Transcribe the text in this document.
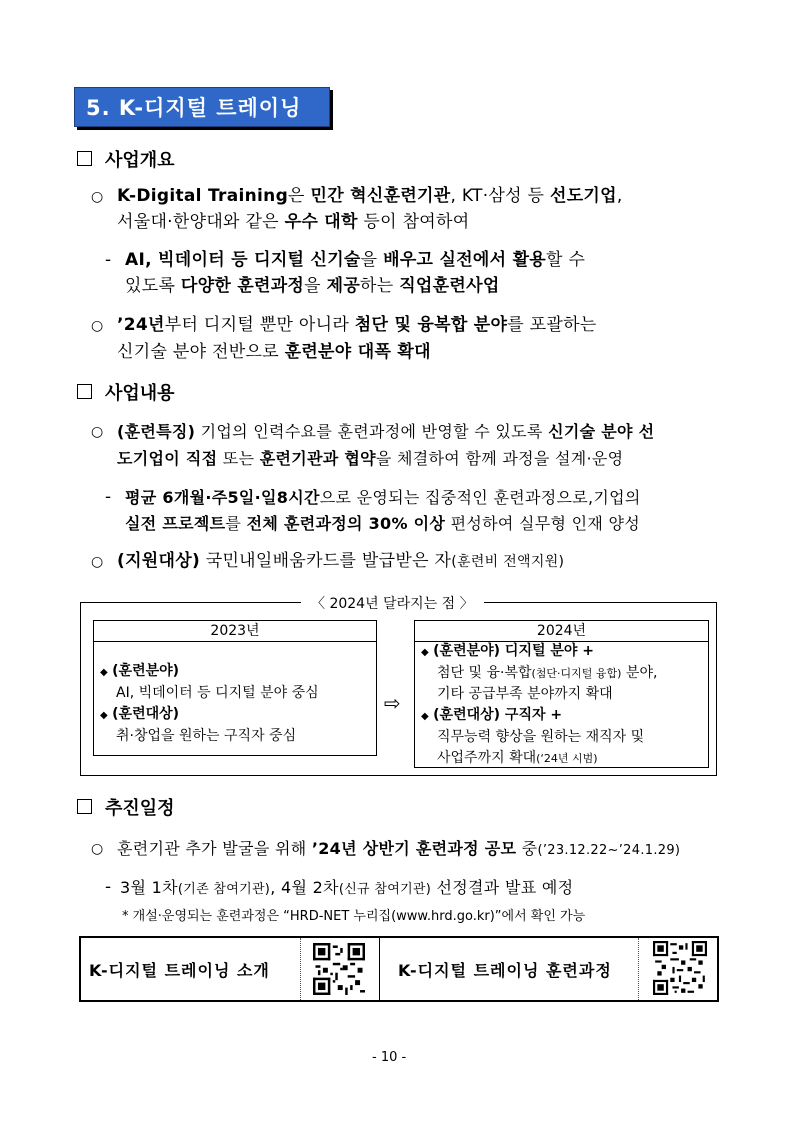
5. K-디지털 트레이닝
사업개요
○ K-Digital Training은 민간 혁신훈련기관, KT·삼성 등 선도기업,
서울대·한양대와 같은 우수 대학 등이 참여하여
- AI, 빅데이터 등 디지털 신기술을 배우고 실전에서 활용할 수
있도록 다양한 훈련과정을 제공하는 직업훈련사업
○ ’24년부터 디지털 뿐만 아니라 첨단 및 융복합 분야를 포괄하는
신기술 분야 전반으로 훈련분야 대폭 확대
사업내용
○ (훈련특징) 기업의 인력수요를 훈련과정에 반영할 수 있도록 신기술 분야 선
도기업이 직접 또는 훈련기관과 협약을 체결하여 함께 과정을 설계·운영
- 평균 6개월·주5일·일8시간으로 운영되는 집중적인 훈련과정으로,기업의
실전 프로젝트를 전체 훈련과정의 30% 이상 편성하여 실무형 인재 양성
○ (지원대상) 국민내일배움카드를 발급받은 자(훈련비 전액지원)
〈 2024년 달라지는 점 〉
2023년
◆ (훈련분야)
AI, 빅데이터 등 디지털 분야 중심
◆ (훈련대상)
취·창업을 원하는 구직자 중심
⇨
2024년
◆ (훈련분야) 디지털 분야 +
첨단 및 융·복합(첨단·디지털 융합) 분야,
기타 공급부족 분야까지 확대
◆ (훈련대상) 구직자 +
직무능력 향상을 원하는 재직자 및
사업주까지 확대(‘24년 시범)
추진일정
○ 훈련기관 추가 발굴을 위해 ’24년 상반기 훈련과정 공모 중(’23.12.22~’24.1.29)
- 3월 1차(기존 참여기관), 4월 2차(신규 참여기관) 선정결과 발표 예정
* 개설·운영되는 훈련과정은 “HRD-NET 누리집(www.hrd.go.kr)”에서 확인 가능
K-디지털 트레이닝 소개	K-디지털 트레이닝 훈련과정
- 10 -
